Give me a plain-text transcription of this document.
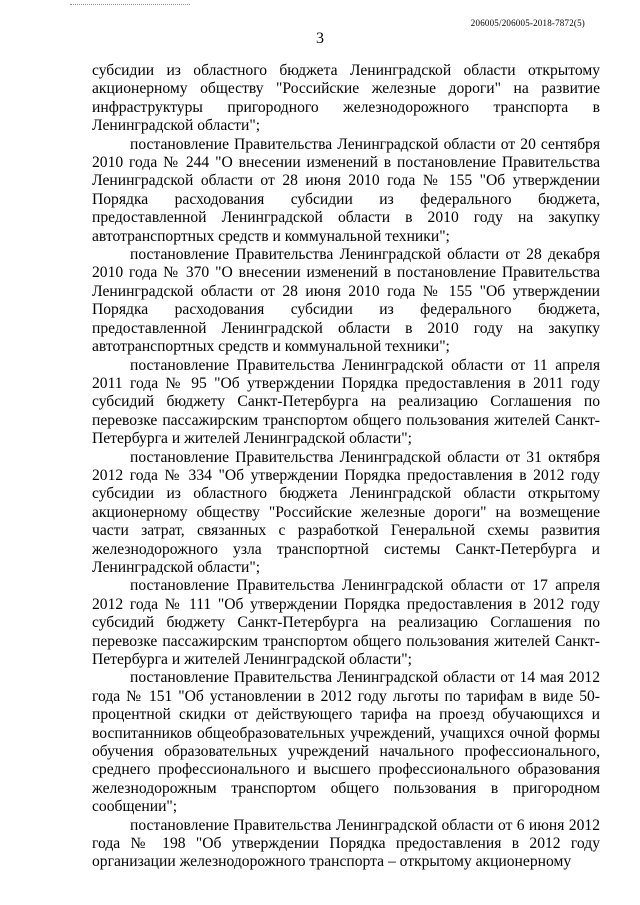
206005/206005-2018-7872(5)
3

субсидии из областного бюджета Ленинградской области открытому акционерному обществу "Российские железные дороги" на развитие инфраструктуры пригородного железнодорожного транспорта в Ленинградской области";

постановление Правительства Ленинградской области от 20 сентября 2010 года № 244 "О внесении изменений в постановление Правительства Ленинградской области от 28 июня 2010 года № 155 "Об утверждении Порядка расходования субсидии из федерального бюджета, предоставленной Ленинградской области в 2010 году на закупку автотранспортных средств и коммунальной техники";

постановление Правительства Ленинградской области от 28 декабря 2010 года № 370 "О внесении изменений в постановление Правительства Ленинградской области от 28 июня 2010 года № 155 "Об утверждении Порядка расходования субсидии из федерального бюджета, предоставленной Ленинградской области в 2010 году на закупку автотранспортных средств и коммунальной техники";

постановление Правительства Ленинградской области от 11 апреля 2011 года № 95 "Об утверждении Порядка предоставления в 2011 году субсидий бюджету Санкт-Петербурга на реализацию Соглашения по перевозке пассажирским транспортом общего пользования жителей Санкт-Петербурга и жителей Ленинградской области";

постановление Правительства Ленинградской области от 31 октября 2012 года № 334 "Об утверждении Порядка предоставления в 2012 году субсидии из областного бюджета Ленинградской области открытому акционерному обществу "Российские железные дороги" на возмещение части затрат, связанных с разработкой Генеральной схемы развития железнодорожного узла транспортной системы Санкт-Петербурга и Ленинградской области";

постановление Правительства Ленинградской области от 17 апреля 2012 года № 111 "Об утверждении Порядка предоставления в 2012 году субсидий бюджету Санкт-Петербурга на реализацию Соглашения по перевозке пассажирским транспортом общего пользования жителей Санкт-Петербурга и жителей Ленинградской области";

постановление Правительства Ленинградской области от 14 мая 2012 года № 151 "Об установлении в 2012 году льготы по тарифам в виде 50-процентной скидки от действующего тарифа на проезд обучающихся и воспитанников общеобразовательных учреждений, учащихся очной формы обучения образовательных учреждений начального профессионального, среднего профессионального и высшего профессионального образования железнодорожным транспортом общего пользования в пригородном сообщении";

постановление Правительства Ленинградской области от 6 июня 2012 года № 198 "Об утверждении Порядка предоставления в 2012 году организации железнодорожного транспорта – открытому акционерному
